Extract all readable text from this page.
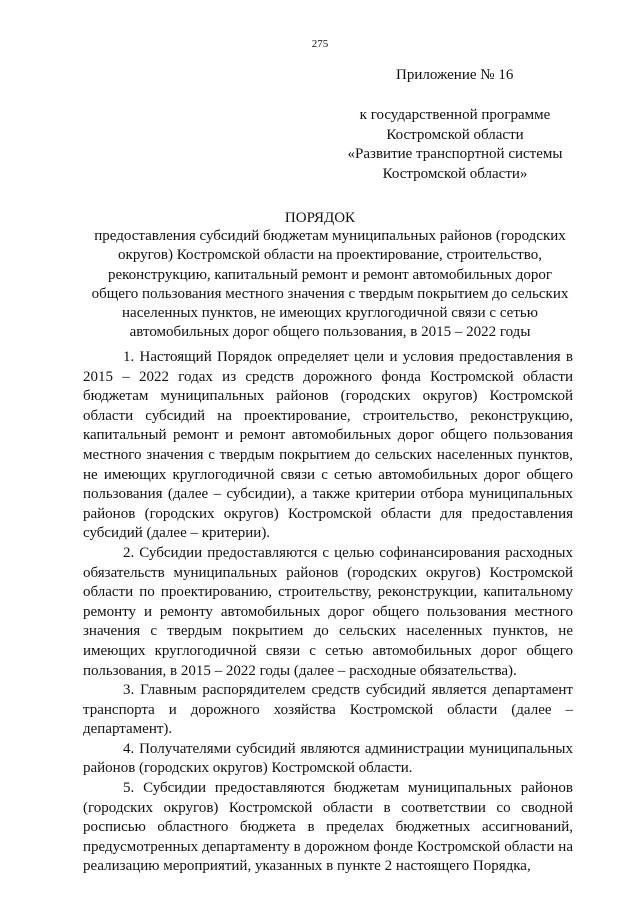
275
Приложение № 16
к государственной программе
Костромской области
«Развитие транспортной системы
Костромской области»
ПОРЯДОК
предоставления субсидий бюджетам муниципальных районов (городских
округов) Костромской области на проектирование, строительство,
реконструкцию, капитальный ремонт и ремонт автомобильных дорог
общего пользования местного значения с твердым покрытием до сельских
населенных пунктов, не имеющих круглогодичной связи с сетью
автомобильных дорог общего пользования, в 2015 – 2022 годы

1. Настоящий Порядок определяет цели и условия предоставления в 2015 – 2022 годах из средств дорожного фонда Костромской области бюджетам муниципальных районов (городских округов) Костромской области субсидий на проектирование, строительство, реконструкцию, капитальный ремонт и ремонт автомобильных дорог общего пользования местного значения с твердым покрытием до сельских населенных пунктов, не имеющих круглогодичной связи с сетью автомобильных дорог общего пользования (далее – субсидии), а также критерии отбора муниципальных районов (городских округов) Костромской области для предоставления субсидий (далее – критерии).

2. Субсидии предоставляются с целью софинансирования расходных обязательств муниципальных районов (городских округов) Костромской области по проектированию, строительству, реконструкции, капитальному ремонту и ремонту автомобильных дорог общего пользования местного значения с твердым покрытием до сельских населенных пунктов, не имеющих круглогодичной связи с сетью автомобильных дорог общего пользования, в 2015 – 2022 годы (далее – расходные обязательства).

3. Главным распорядителем средств субсидий является департамент транспорта и дорожного хозяйства Костромской области (далее – департамент).

4. Получателями субсидий являются администрации муниципальных районов (городских округов) Костромской области.

5. Субсидии предоставляются бюджетам муниципальных районов (городских округов) Костромской области в соответствии со сводной росписью областного бюджета в пределах бюджетных ассигнований, предусмотренных департаменту в дорожном фонде Костромской области на реализацию мероприятий, указанных в пункте 2 настоящего Порядка,
